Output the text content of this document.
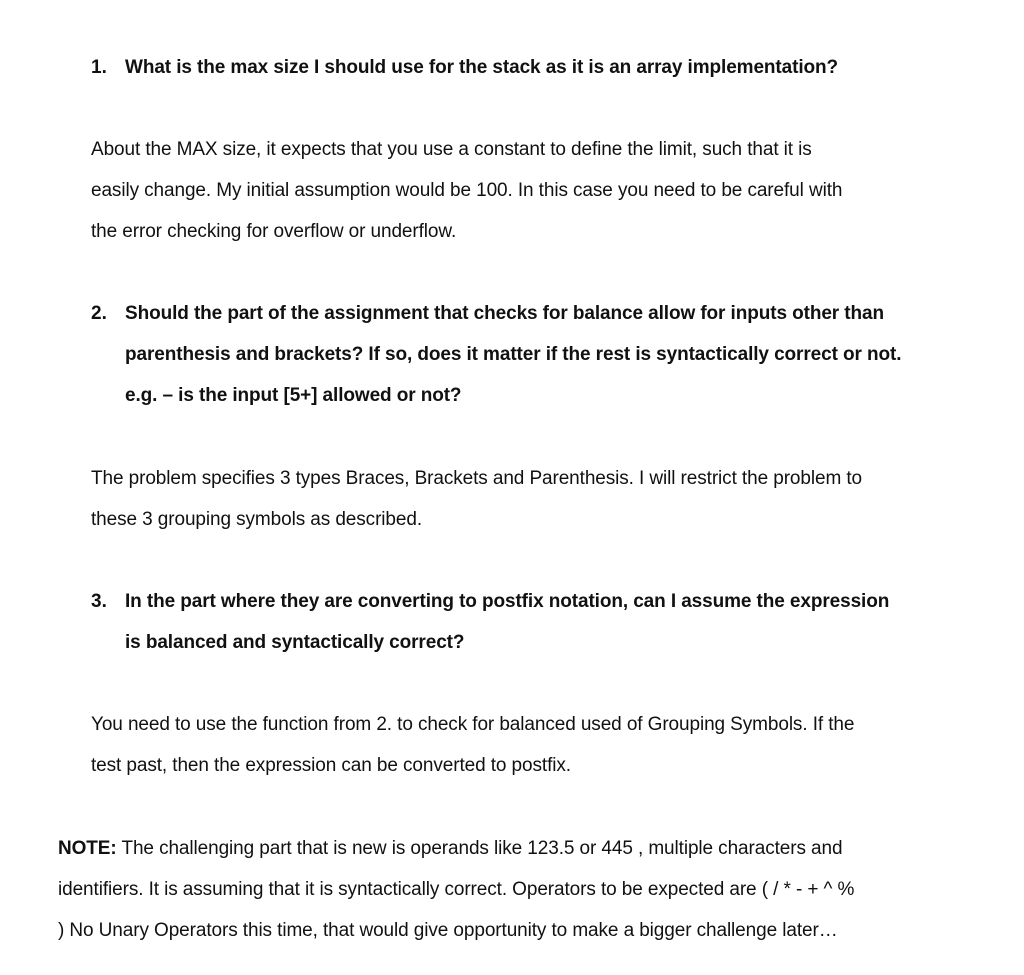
1. What is the max size I should use for the stack as it is an array implementation?
About the MAX size, it expects that you use a constant to define the limit, such that it is
easily change. My initial assumption would be 100. In this case you need to be careful with
the error checking for overflow or underflow.
2. Should the part of the assignment that checks for balance allow for inputs other than
parenthesis and brackets? If so, does it matter if the rest is syntactically correct or not.
e.g. – is the input [5+] allowed or not?
The problem specifies 3 types Braces, Brackets and Parenthesis. I will restrict the problem to
these 3 grouping symbols as described.
3. In the part where they are converting to postfix notation, can I assume the expression
is balanced and syntactically correct?
You need to use the function from 2. to check for balanced used of Grouping Symbols. If the
test past, then the expression can be converted to postfix.
NOTE: The challenging part that is new is operands like 123.5 or 445 , multiple characters and
identifiers. It is assuming that it is syntactically correct. Operators to be expected are ( / * - + ^ %
) No Unary Operators this time, that would give opportunity to make a bigger challenge later…
